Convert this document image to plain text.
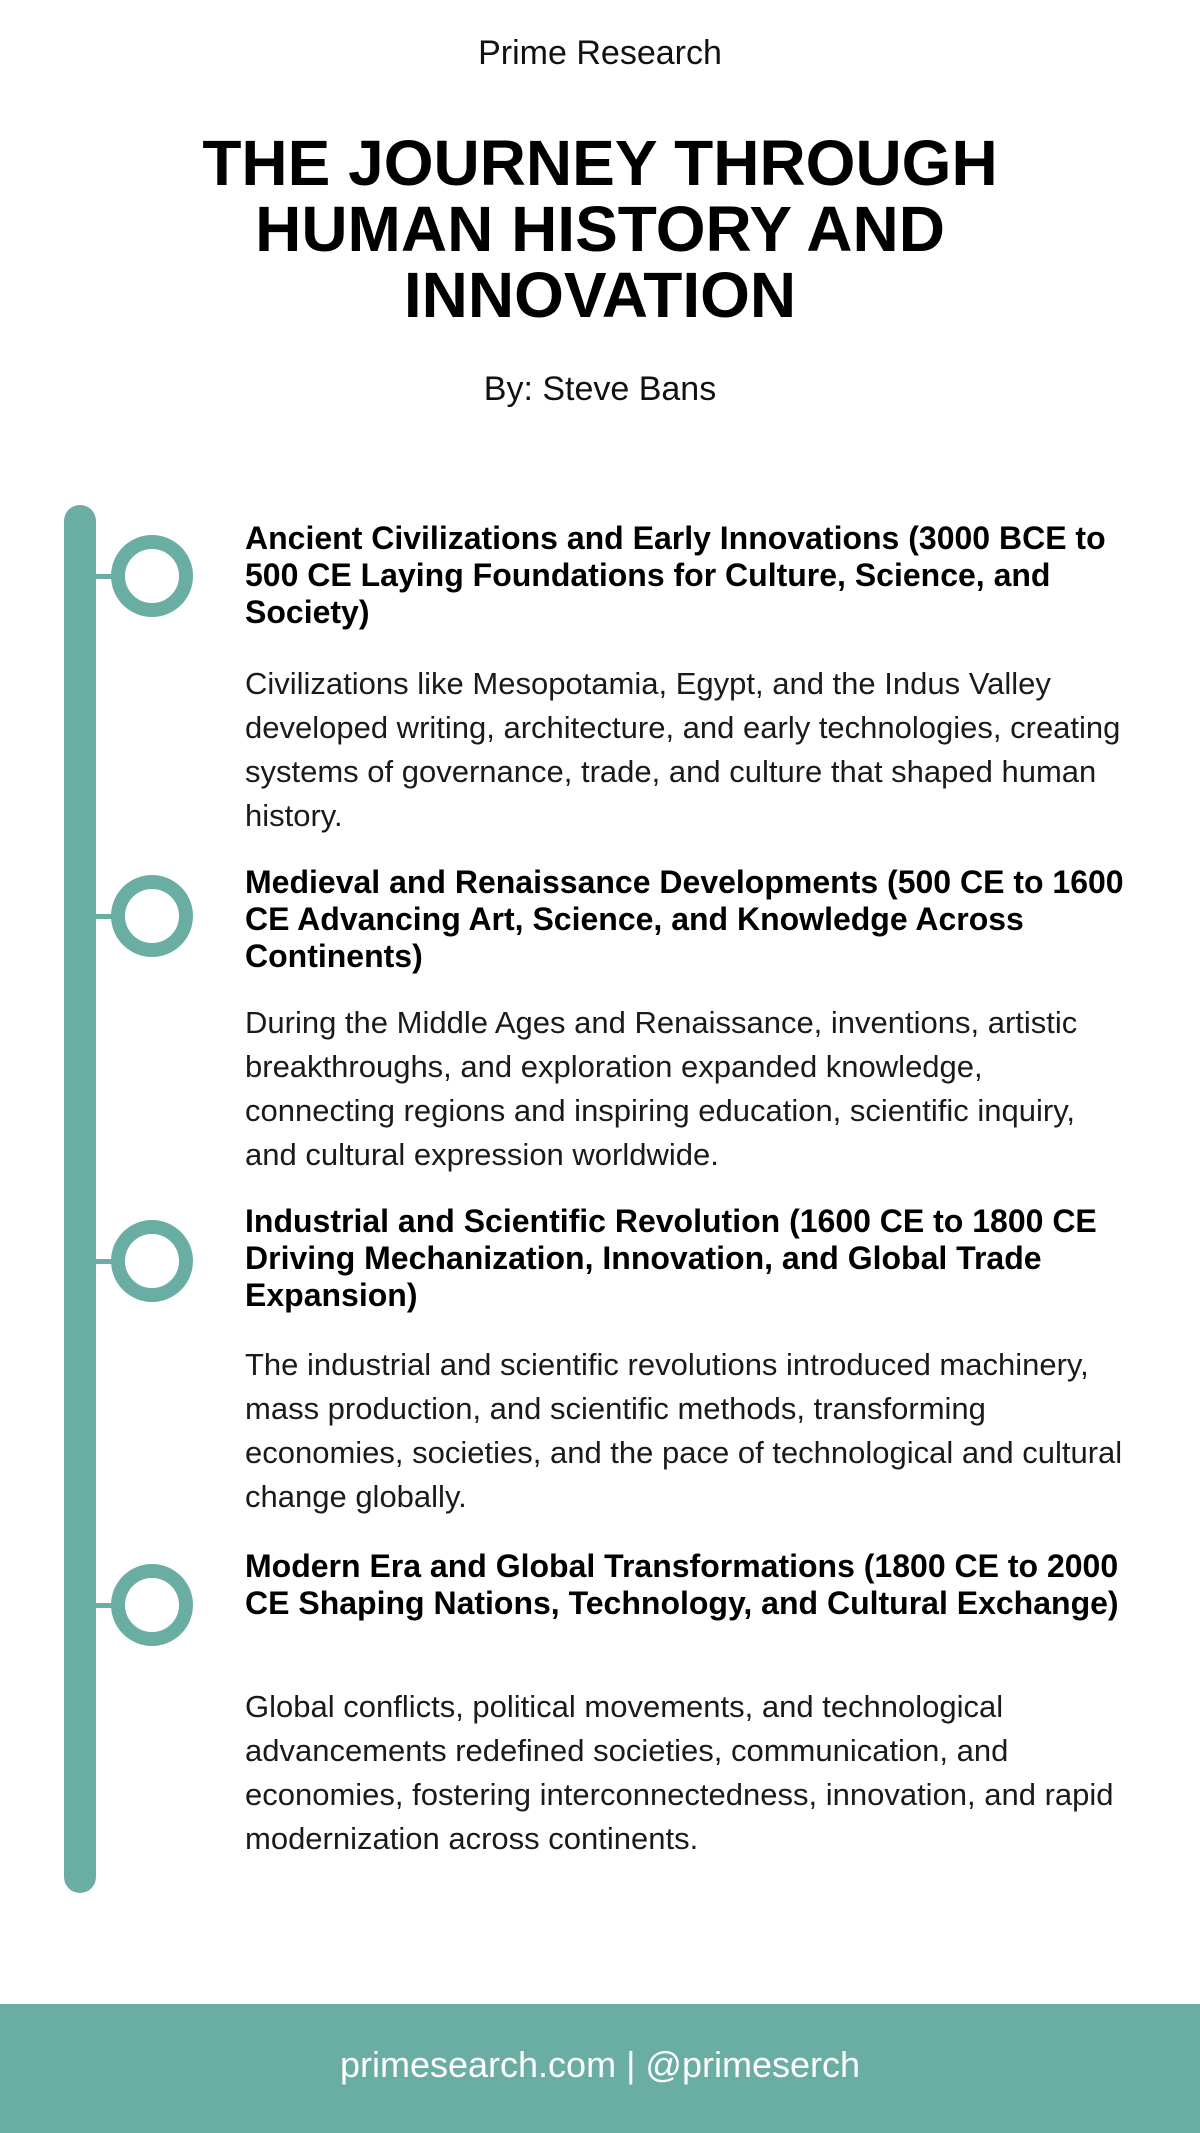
Prime Research
THE JOURNEY THROUGH HUMAN HISTORY AND INNOVATION
By: Steve Bans
Ancient Civilizations and Early Innovations (3000 BCE to 500 CE Laying Foundations for Culture, Science, and Society)

Civilizations like Mesopotamia, Egypt, and the Indus Valley developed writing, architecture, and early technologies, creating systems of governance, trade, and culture that shaped human history.

Medieval and Renaissance Developments (500 CE to 1600 CE Advancing Art, Science, and Knowledge Across Continents)

During the Middle Ages and Renaissance, inventions, artistic breakthroughs, and exploration expanded knowledge, connecting regions and inspiring education, scientific inquiry, and cultural expression worldwide.

Industrial and Scientific Revolution (1600 CE to 1800 CE Driving Mechanization, Innovation, and Global Trade Expansion)

The industrial and scientific revolutions introduced machinery, mass production, and scientific methods, transforming economies, societies, and the pace of technological and cultural change globally.

Modern Era and Global Transformations (1800 CE to 2000 CE Shaping Nations, Technology, and Cultural Exchange)

Global conflicts, political movements, and technological advancements redefined societies, communication, and economies, fostering interconnectedness, innovation, and rapid modernization across continents.

primesearch.com | @primeserch
